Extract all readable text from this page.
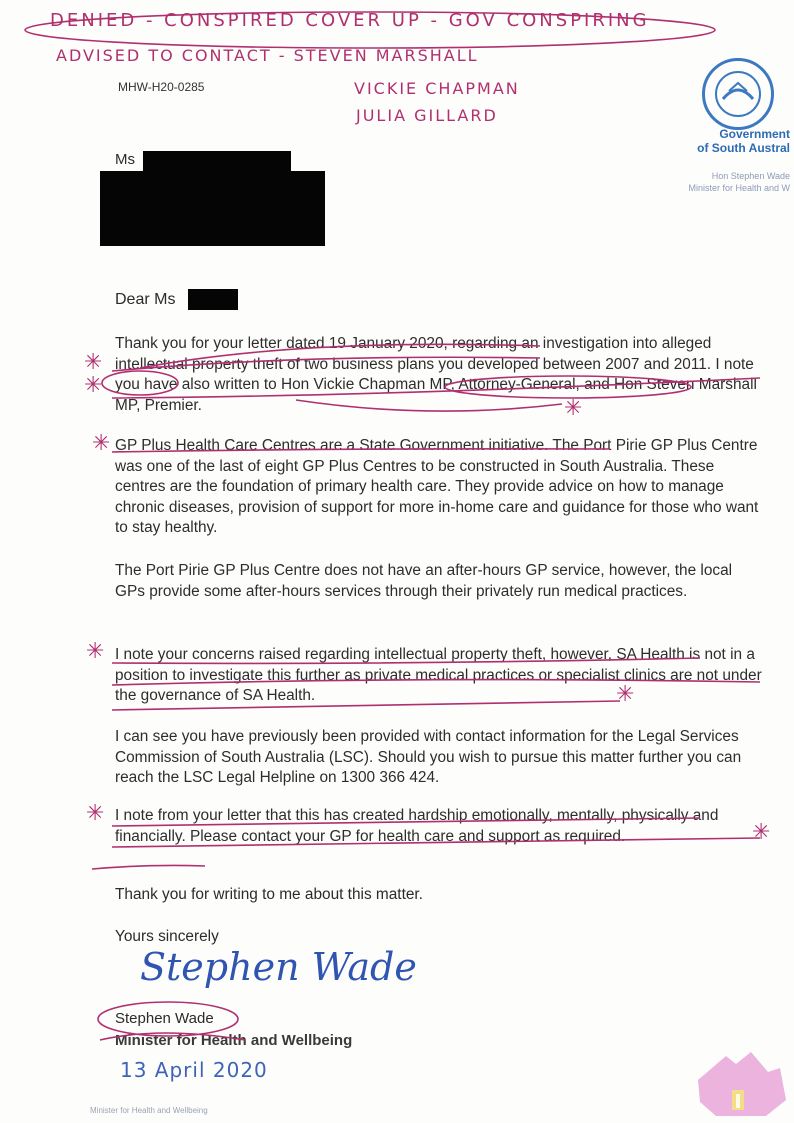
DENIED - CONSPIRED COVER UP - GOV CONSPIRING
ADVISED TO CONTACT - STEVEN MARSHALL
VICKIE CHAPMAN
JULIA GILLARD
MHW-H20-0285
Government
of South Austral
Hon Stephen Wade
Minister for Health and W
Ms
Dear Ms

Thank you for your letter dated 19 January 2020, regarding an investigation into alleged intellectual property theft of two business plans you developed between 2007 and 2011. I note you have also written to Hon Vickie Chapman MP, Attorney-General, and Hon Steven Marshall MP, Premier.

GP Plus Health Care Centres are a State Government initiative. The Port Pirie GP Plus Centre was one of the last of eight GP Plus Centres to be constructed in South Australia. These centres are the foundation of primary health care. They provide advice on how to manage chronic diseases, provision of support for more in-home care and guidance for those who want to stay healthy.

The Port Pirie GP Plus Centre does not have an after-hours GP service, however, the local GPs provide some after-hours services through their privately run medical practices.

I note your concerns raised regarding intellectual property theft, however, SA Health is not in a position to investigate this further as private medical practices or specialist clinics are not under the governance of SA Health.

I can see you have previously been provided with contact information for the Legal Services Commission of South Australia (LSC). Should you wish to pursue this matter further you can reach the LSC Legal Helpline on 1300 366 424.

I note from your letter that this has created hardship emotionally, mentally, physically and financially. Please contact your GP for health care and support as required.

Thank you for writing to me about this matter.
Yours sincerely
Stephen Wade
Stephen Wade
Minister for Health and Wellbeing
13 April 2020
✳
✳
✳
✳
✳
✳
✳
✳
Minister for Health and Wellbeing
